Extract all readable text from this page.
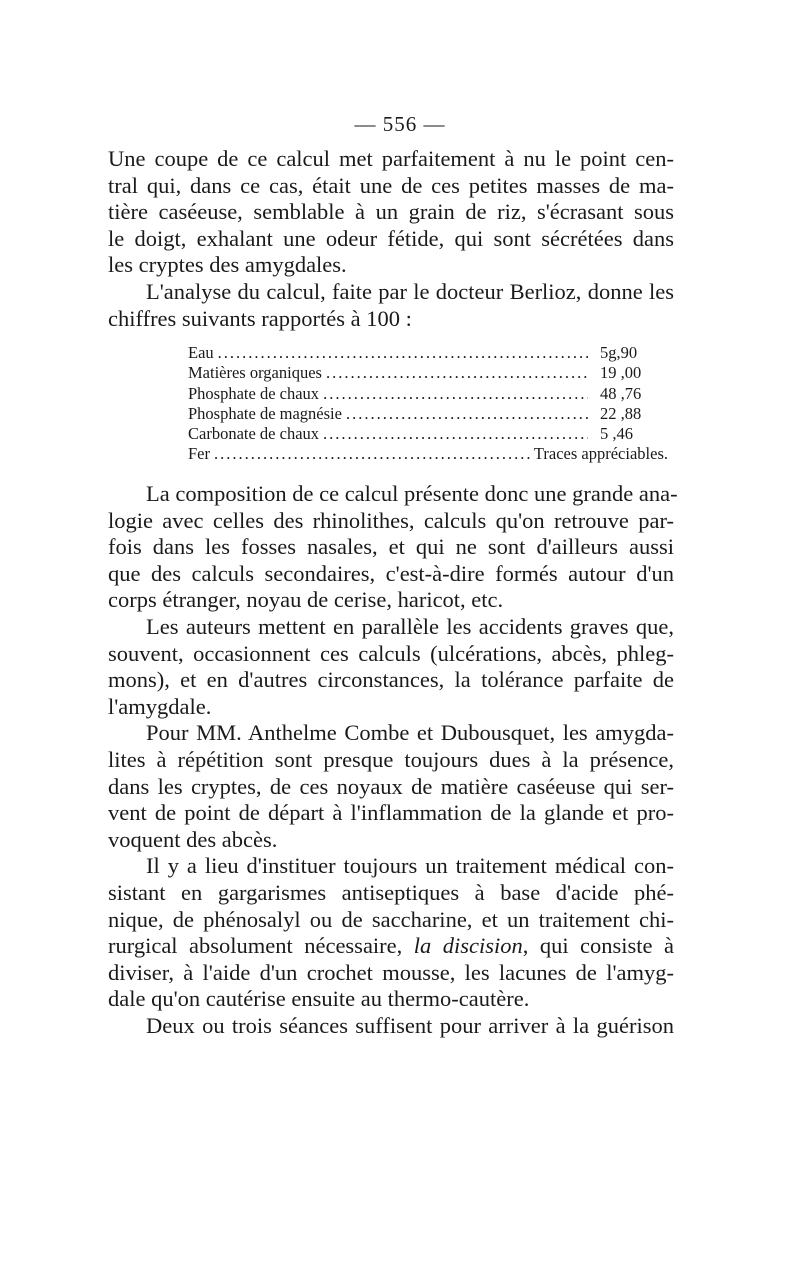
— 556 —
Une coupe de ce calcul met parfaitement à nu le point cen-
tral qui, dans ce cas, était une de ces petites masses de ma-
tière caséeuse, semblable à un grain de riz, s'écrasant sous
le doigt, exhalant une odeur fétide, qui sont sécrétées dans
les cryptes des amygdales.
L'analyse du calcul, faite par le docteur Berlioz, donne les
chiffres suivants rapportés à 100 :
Eau .....	5g,90
Matières organiques .....	19 ,00
Phosphate de chaux .....	48 ,76
Phosphate de magnésie .....	22 ,88
Carbonate de chaux .....	5 ,46
Fer .....	Traces appréciables.
La composition de ce calcul présente donc une grande ana-
logie avec celles des rhinolithes, calculs qu'on retrouve par-
fois dans les fosses nasales, et qui ne sont d'ailleurs aussi
que des calculs secondaires, c'est-à-dire formés autour d'un
corps étranger, noyau de cerise, haricot, etc.
Les auteurs mettent en parallèle les accidents graves que,
souvent, occasionnent ces calculs (ulcérations, abcès, phleg-
mons), et en d'autres circonstances, la tolérance parfaite de
l'amygdale.
Pour MM. Anthelme Combe et Dubousquet, les amygda-
lites à répétition sont presque toujours dues à la présence,
dans les cryptes, de ces noyaux de matière caséeuse qui ser-
vent de point de départ à l'inflammation de la glande et pro-
voquent des abcès.
Il y a lieu d'instituer toujours un traitement médical con-
sistant en gargarismes antiseptiques à base d'acide phé-
nique, de phénosalyl ou de saccharine, et un traitement chi-
rurgical absolument nécessaire, la discision, qui consiste à
diviser, à l'aide d'un crochet mousse, les lacunes de l'amyg-
dale qu'on cautérise ensuite au thermo-cautère.
Deux ou trois séances suffisent pour arriver à la guérison
